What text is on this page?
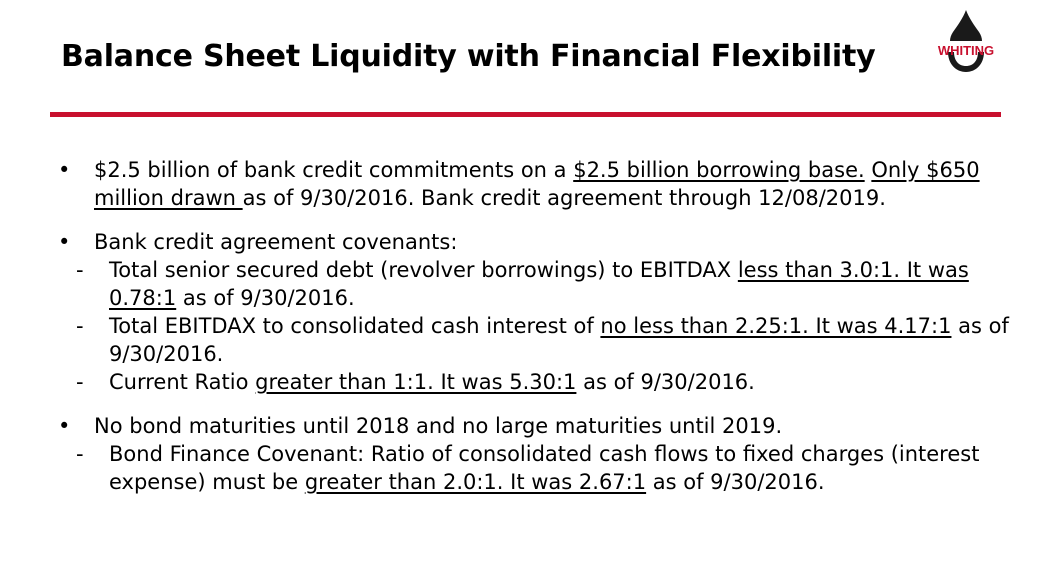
Balance Sheet Liquidity with Financial Flexibility	WHITING
•	$2.5 billion of bank credit commitments on a $2.5 billion borrowing base. Only $650 million drawn as of 9/30/2016. Bank credit agreement through 12/08/2019.
•	Bank credit agreement covenants:
- Total senior secured debt (revolver borrowings) to EBITDAX less than 3.0:1. It was 0.78:1 as of 9/30/2016.
- Total EBITDAX to consolidated cash interest of no less than 2.25:1. It was 4.17:1 as of 9/30/2016.
- Current Ratio greater than 1:1. It was 5.30:1 as of 9/30/2016.
•	No bond maturities until 2018 and no large maturities until 2019.
- Bond Finance Covenant: Ratio of consolidated cash flows to fixed charges (interest expense) must be greater than 2.0:1. It was 2.67:1 as of 9/30/2016.
